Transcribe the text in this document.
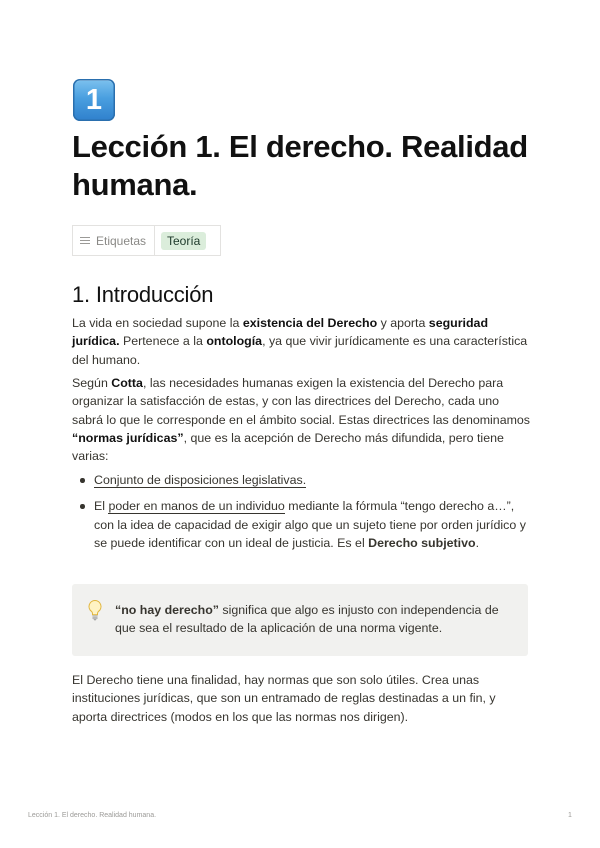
1
Lección 1. El derecho. Realidad humana.
Etiquetas	Teoría
1. Introducción

La vida en sociedad supone la existencia del Derecho y aporta seguridad jurídica. Pertenece a la ontología, ya que vivir jurídicamente es una característica del humano.

Según Cotta, las necesidades humanas exigen la existencia del Derecho para organizar la satisfacción de estas, y con las directrices del Derecho, cada uno sabrá lo que le corresponde en el ámbito social. Estas directrices las denominamos “normas jurídicas”, que es la acepción de Derecho más difundida, pero tiene varias:

Conjunto de disposiciones legislativas.
El poder en manos de un individuo mediante la fórmula “tengo derecho a…”, con la idea de capacidad de exigir algo que un sujeto tiene por orden jurídico y se puede identificar con un ideal de justicia. Es el Derecho subjetivo.

“no hay derecho” significa que algo es injusto con independencia de que sea el resultado de la aplicación de una norma vigente.

El Derecho tiene una finalidad, hay normas que son solo útiles. Crea unas instituciones jurídicas, que son un entramado de reglas destinadas a un fin, y aporta directrices (modos en los que las normas nos dirigen).

Lección 1. El derecho. Realidad humana.	1
